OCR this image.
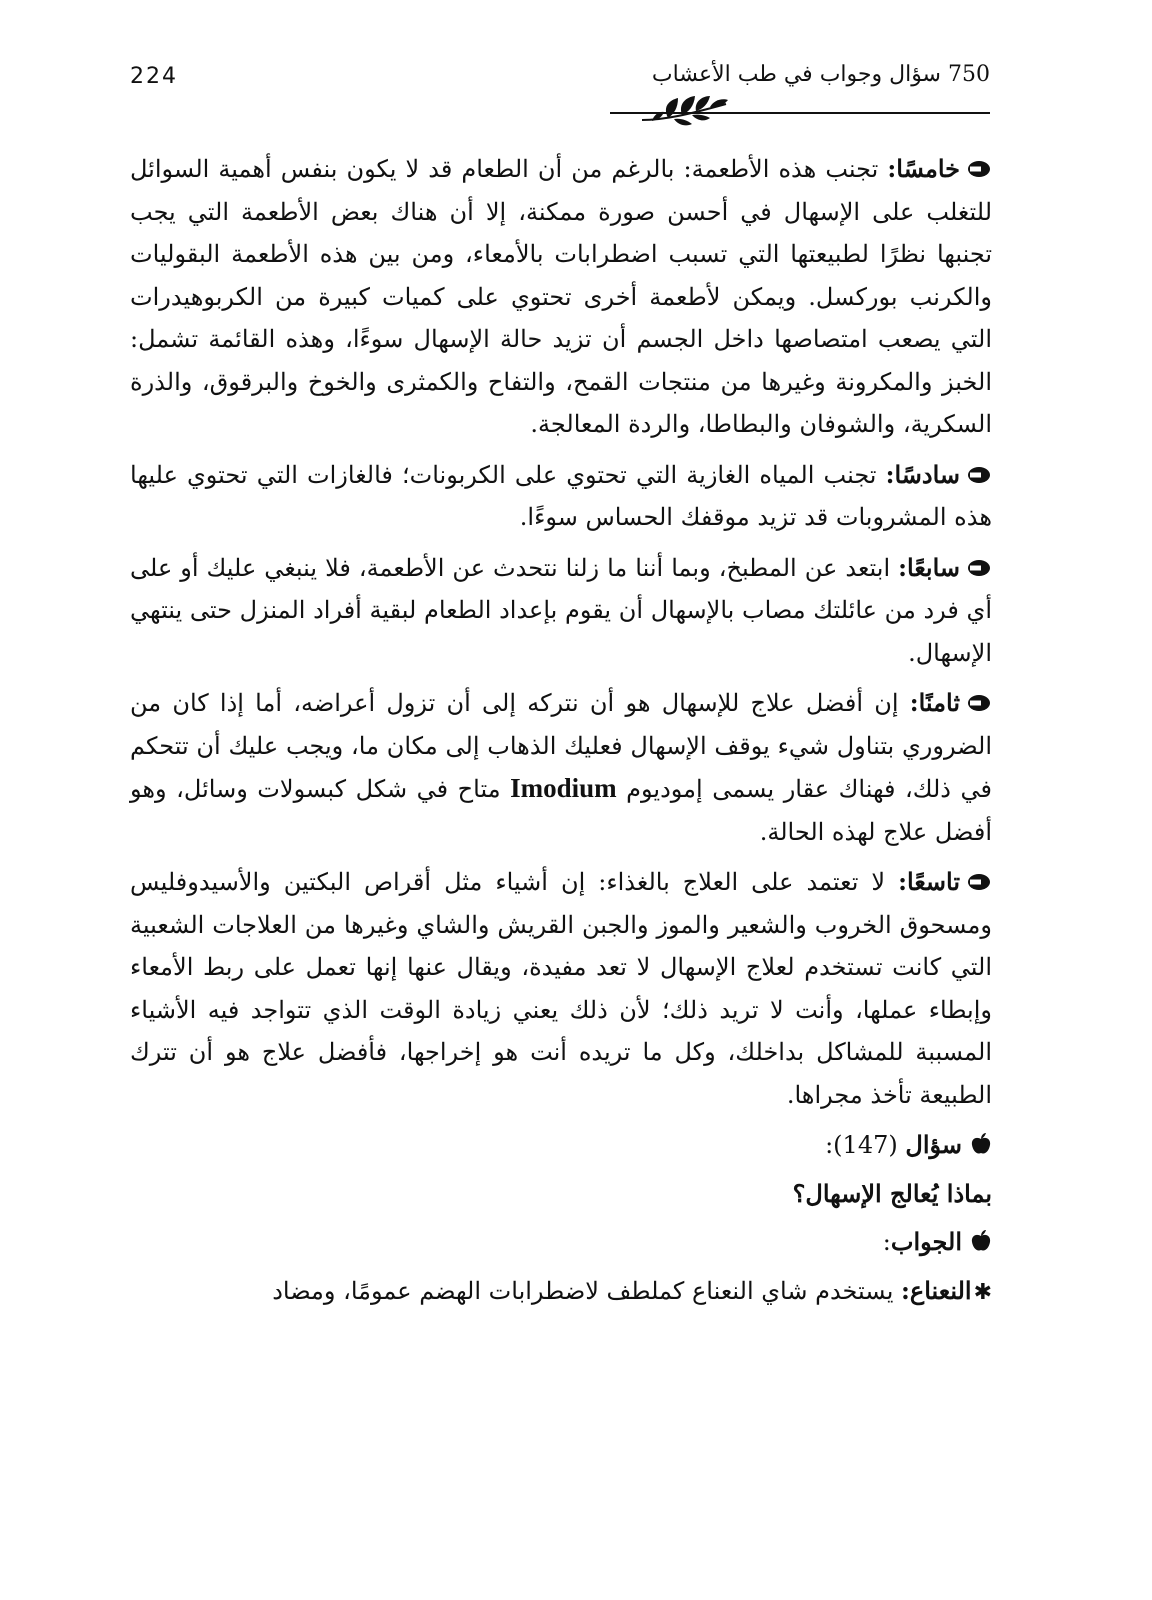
224	750 سؤال وجواب في طب الأعشاب

خامسًا: تجنب هذه الأطعمة: بالرغم من أن الطعام قد لا يكون بنفس أهمية السوائل للتغلب على الإسهال في أحسن صورة ممكنة، إلا أن هناك بعض الأطعمة التي يجب تجنبها نظرًا لطبيعتها التي تسبب اضطرابات بالأمعاء، ومن بين هذه الأطعمة البقوليات والكرنب بوركسل. ويمكن لأطعمة أخرى تحتوي على كميات كبيرة من الكربوهيدرات التي يصعب امتصاصها داخل الجسم أن تزيد حالة الإسهال سوءًا، وهذه القائمة تشمل: الخبز والمكرونة وغيرها من منتجات القمح، والتفاح والكمثرى والخوخ والبرقوق، والذرة السكرية، والشوفان والبطاطا، والردة المعالجة.

سادسًا: تجنب المياه الغازية التي تحتوي على الكربونات؛ فالغازات التي تحتوي عليها هذه المشروبات قد تزيد موقفك الحساس سوءًا.

سابعًا: ابتعد عن المطبخ، وبما أننا ما زلنا نتحدث عن الأطعمة، فلا ينبغي عليك أو على أي فرد من عائلتك مصاب بالإسهال أن يقوم بإعداد الطعام لبقية أفراد المنزل حتى ينتهي الإسهال.

ثامنًا: إن أفضل علاج للإسهال هو أن نتركه إلى أن تزول أعراضه، أما إذا كان من الضروري بتناول شيء يوقف الإسهال فعليك الذهاب إلى مكان ما، ويجب عليك أن تتحكم في ذلك، فهناك عقار يسمى إموديوم Imodium متاح في شكل كبسولات وسائل، وهو أفضل علاج لهذه الحالة.

تاسعًا: لا تعتمد على العلاج بالغذاء: إن أشياء مثل أقراص البكتين والأسيدوفليس ومسحوق الخروب والشعير والموز والجبن القريش والشاي وغيرها من العلاجات الشعبية التي كانت تستخدم لعلاج الإسهال لا تعد مفيدة، ويقال عنها إنها تعمل على ربط الأمعاء وإبطاء عملها، وأنت لا تريد ذلك؛ لأن ذلك يعني زيادة الوقت الذي تتواجد فيه الأشياء المسببة للمشاكل بداخلك، وكل ما تريده أنت هو إخراجها، فأفضل علاج هو أن تترك الطبيعة تأخذ مجراها.

سؤال (147):
بماذا يُعالج الإسهال؟
الجواب:

✱النعناع: يستخدم شاي النعناع كملطف لاضطرابات الهضم عمومًا، ومضاد
